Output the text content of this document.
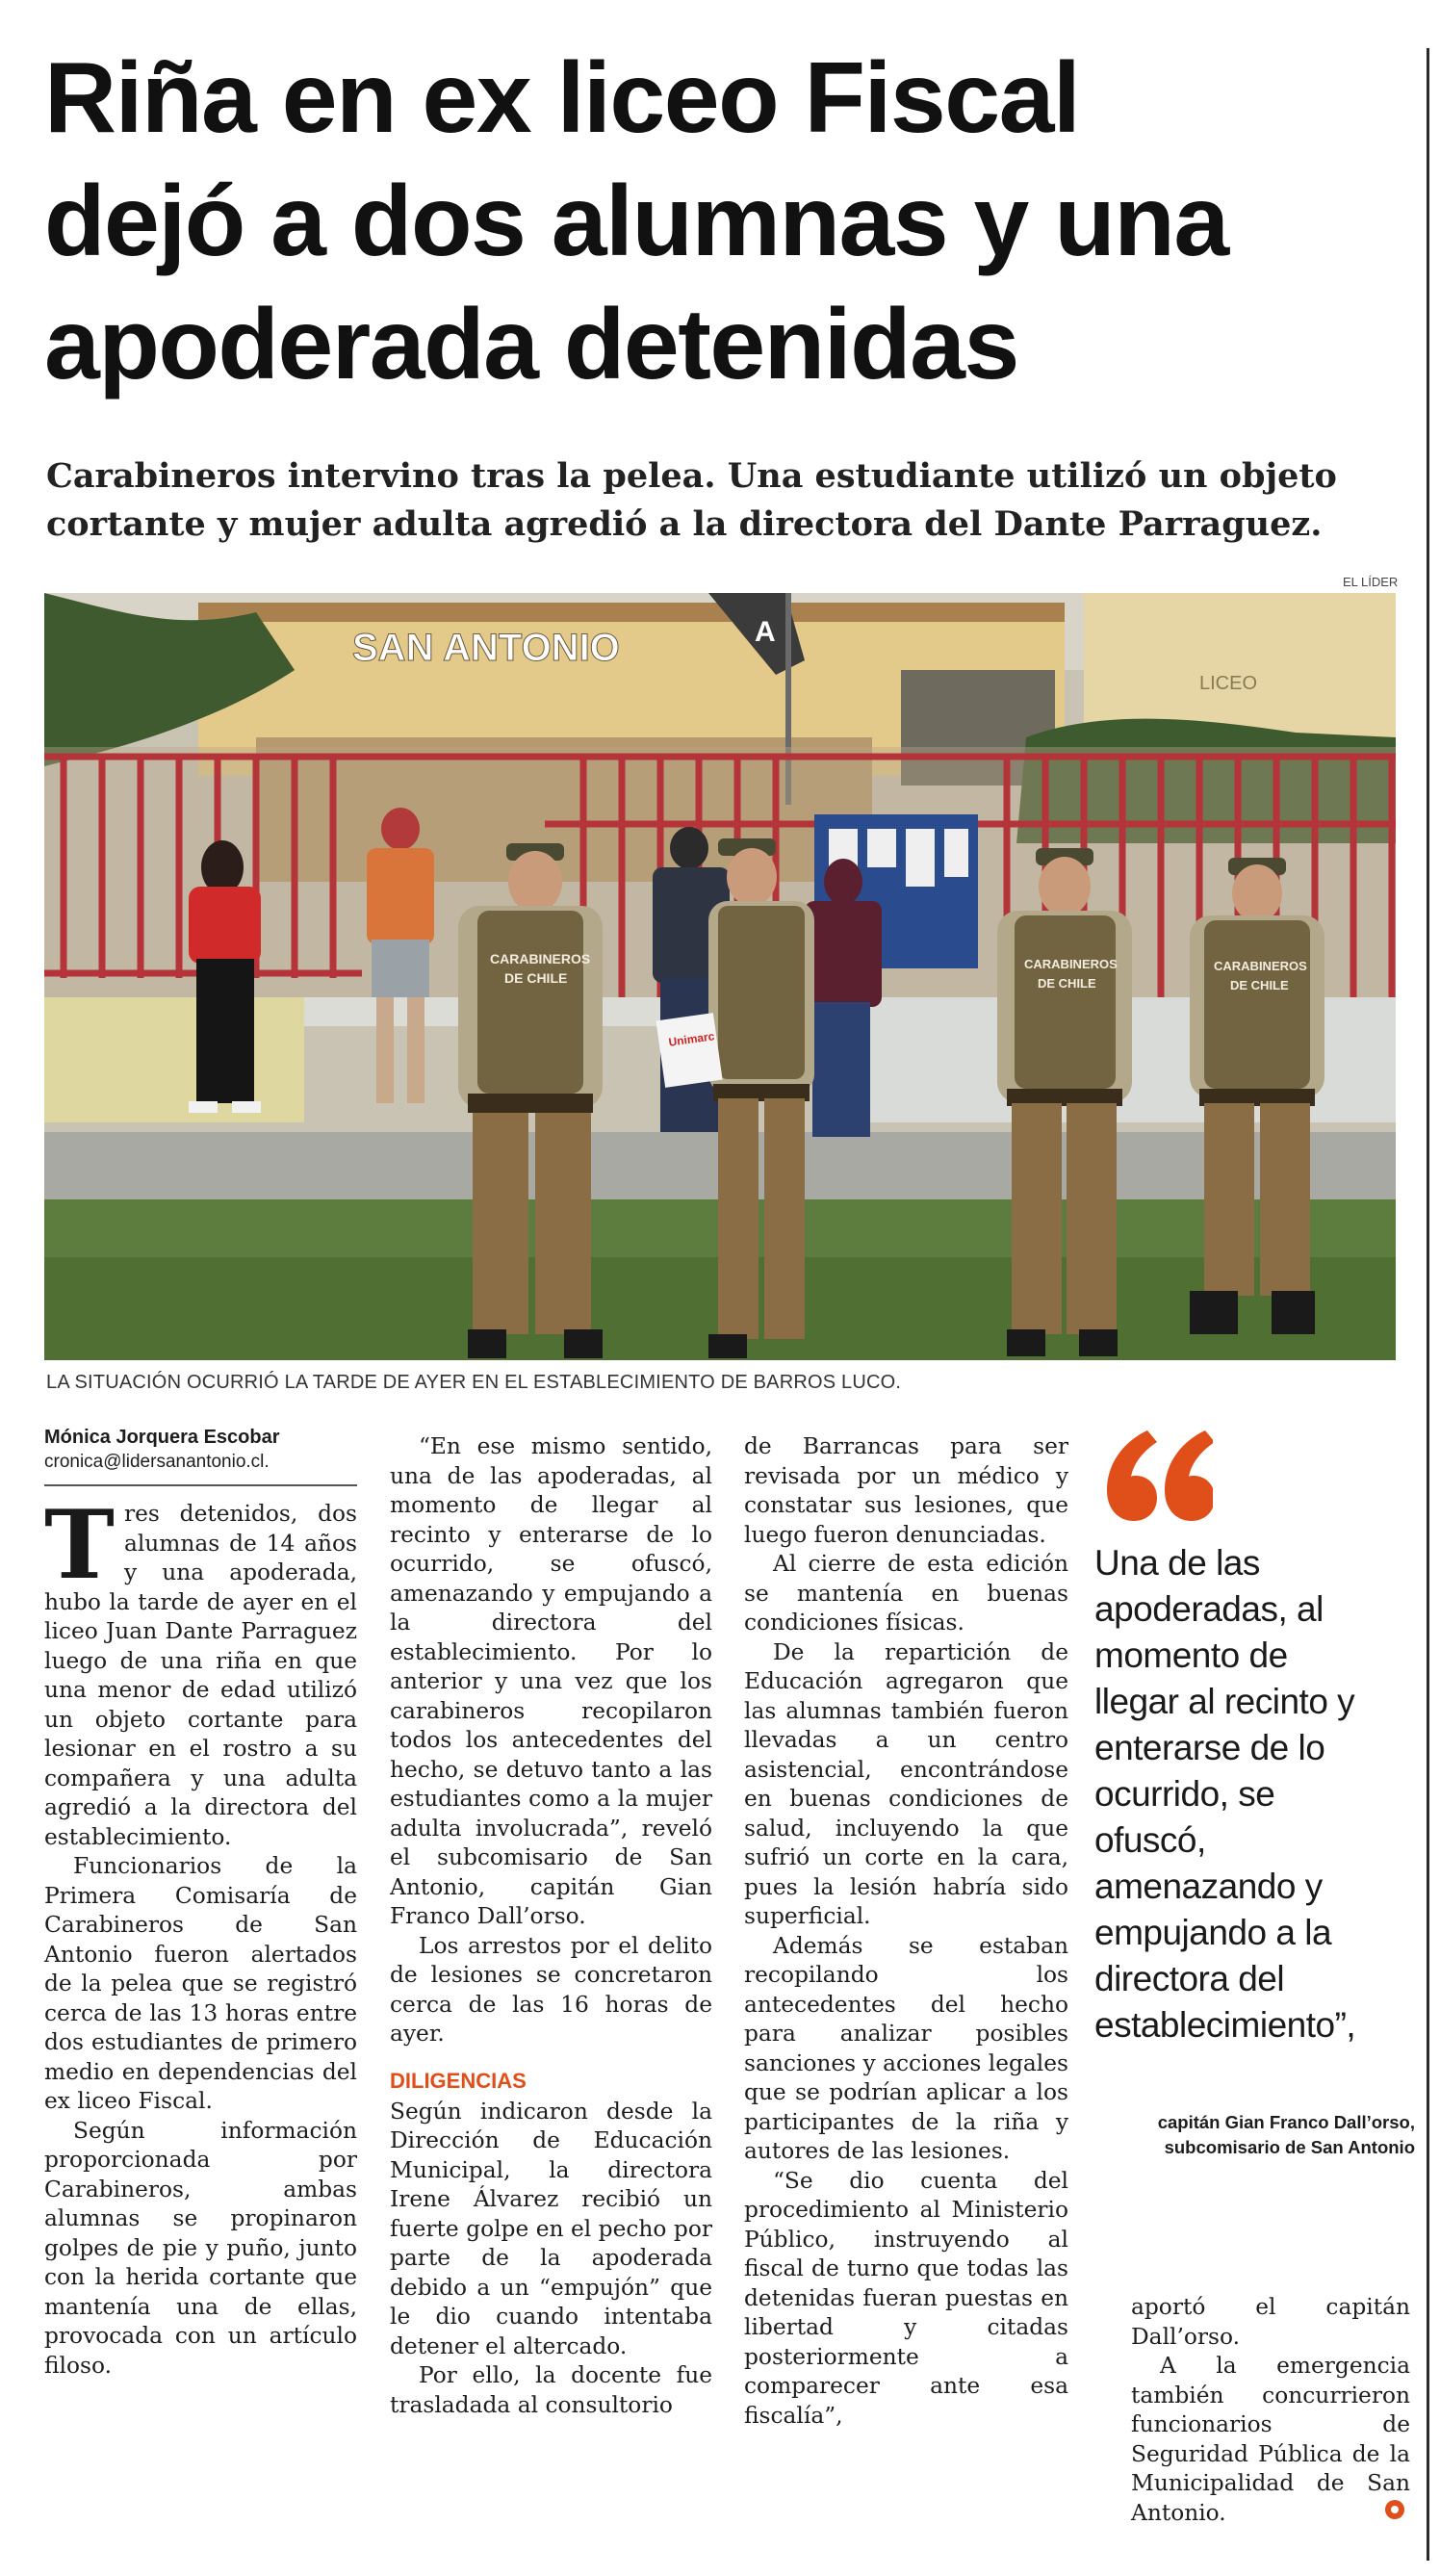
Riña en ex liceo Fiscal
dejó a dos alumnas y una
apoderada detenidas
Carabineros intervino tras la pelea. Una estudiante utilizó un objeto
cortante y mujer adulta agredió a la directora del Dante Parraguez.
EL LÍDER
SAN ANTONIO
LICEO
A
CARABINEROS
DE CHILE
Unimarc
CARABINEROS
DE CHILE
CARABINEROS
DE CHILE
LA SITUACIÓN OCURRIÓ LA TARDE DE AYER EN EL ESTABLECIMIENTO DE BARROS LUCO.
Mónica Jorquera Escobar
cronica@lidersanantonio.cl.

Tres detenidos, dos alumnas de 14 años y una apoderada, hubo la tarde de ayer en el liceo Juan Dante Parraguez luego de una riña en que una menor de edad utilizó un objeto cortante para lesionar en el rostro a su compañera y una adulta agredió a la directora del establecimiento.

Funcionarios de la Primera Comisaría de Carabineros de San Antonio fueron alertados de la pelea que se registró cerca de las 13 horas entre dos estudiantes de primero medio en dependencias del ex liceo Fiscal.

Según información proporcionada por Carabineros, ambas alumnas se propinaron golpes de pie y puño, junto con la herida cortante que mantenía una de ellas, provocada con un artículo filoso.

“En ese mismo sentido, una de las apoderadas, al momento de llegar al recinto y enterarse de lo ocurrido, se ofuscó, amenazando y empujando a la directora del establecimiento. Por lo anterior y una vez que los carabineros recopilaron todos los antecedentes del hecho, se detuvo tanto a las estudiantes como a la mujer adulta involucrada”, reveló el subcomisario de San Antonio, capitán Gian Franco Dall’orso.

Los arrestos por el delito de lesiones se concretaron cerca de las 16 horas de ayer.

DILIGENCIAS

Según indicaron desde la Dirección de Educación Municipal, la directora Irene Álvarez recibió un fuerte golpe en el pecho por parte de la apoderada debido a un “empujón” que le dio cuando intentaba detener el altercado.

Por ello, la docente fue trasladada al consultorio

de Barrancas para ser revisada por un médico y constatar sus lesiones, que luego fueron denunciadas.

Al cierre de esta edición se mantenía en buenas condiciones físicas.

De la repartición de Educación agregaron que las alumnas también fueron llevadas a un centro asistencial, encontrándose en buenas condiciones de salud, incluyendo la que sufrió un corte en la cara, pues la lesión habría sido superficial.

Además se estaban recopilando los antecedentes del hecho para analizar posibles sanciones y acciones legales que se podrían aplicar a los participantes de la riña y autores de las lesiones.

“Se dio cuenta del procedimiento al Ministerio Público, instruyendo al fiscal de turno que todas las detenidas fueran puestas en libertad y citadas posteriormente a comparecer ante esa fiscalía”,

Una de las
apoderadas, al
momento de
llegar al recinto y
enterarse de lo
ocurrido, se
ofuscó,
amenazando y
empujando a la
directora del
establecimiento”,
capitán Gian Franco Dall’orso,
subcomisario de San Antonio

aportó el capitán Dall’orso.

A la emergencia también concurrieron funcionarios de Seguridad Pública de la Municipalidad de San Antonio.
